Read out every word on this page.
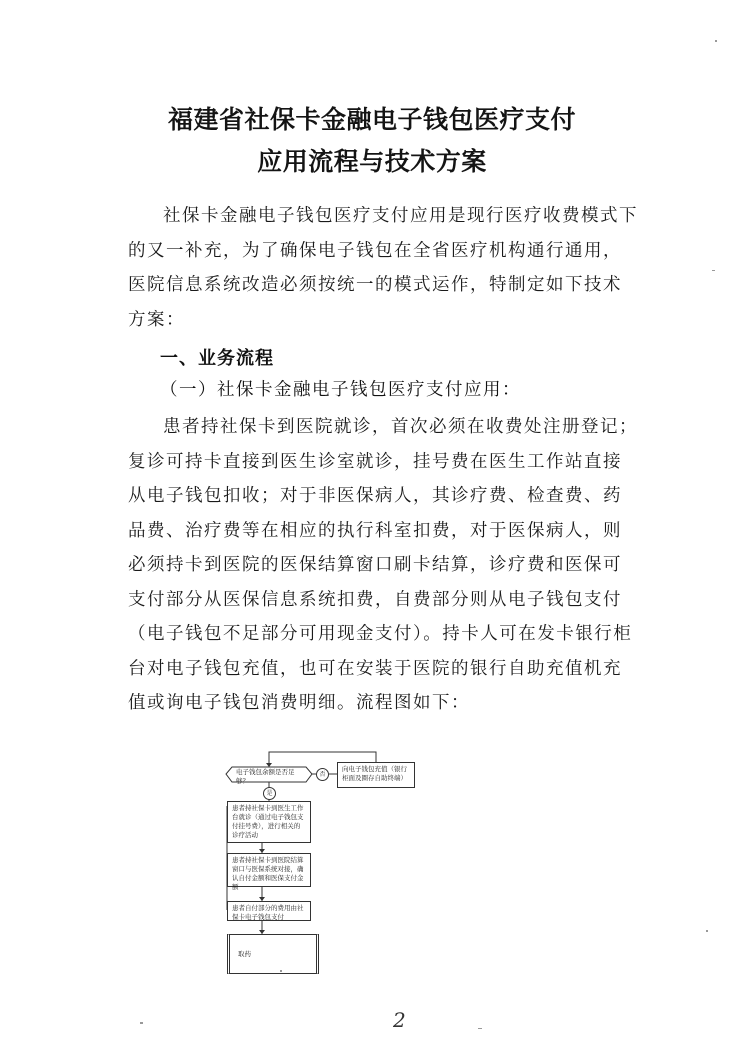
福建省社保卡金融电子钱包医疗支付
应用流程与技术方案
社保卡金融电子钱包医疗支付应用是现行医疗收费模式下的又一补充，为了确保电子钱包在全省医疗机构通行通用，医院信息系统改造必须按统一的模式运作，特制定如下技术方案：
一、业务流程
（一）社保卡金融电子钱包医疗支付应用：
患者持社保卡到医院就诊，首次必须在收费处注册登记；复诊可持卡直接到医生诊室就诊，挂号费在医生工作站直接从电子钱包扣收；对于非医保病人，其诊疗费、检查费、药品费、治疗费等在相应的执行科室扣费，对于医保病人，则必须持卡到医院的医保结算窗口刷卡结算，诊疗费和医保可支付部分从医保信息系统扣费，自费部分则从电子钱包支付（电子钱包不足部分可用现金支付）。持卡人可在发卡银行柜台对电子钱包充值，也可在安装于医院的银行自助充值机充值或询电子钱包消费明细。流程图如下：
电子钱包余额是否足够？
否
是
向电子钱包充值（银行柜面及圈存自助终端）
患者持社保卡到医生工作台就诊（通过电子钱包支付挂号费），进行相关的诊疗活动
患者持社保卡到医院结算窗口与医保系统对接，确认自付金额和医保支付金额
患者自付部分的费用由社保卡电子钱包支付
取药
2
